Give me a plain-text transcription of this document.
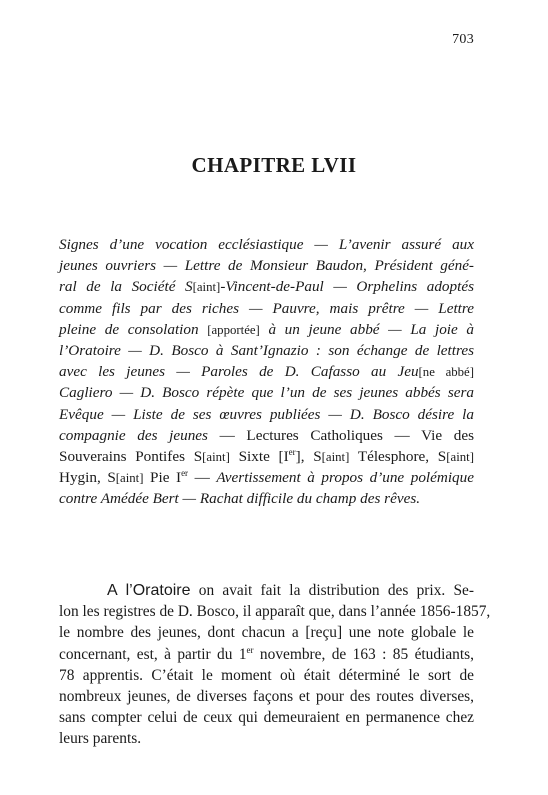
703
CHAPITRE LVII
Signes d’une vocation ecclésiastique — L’avenir assuré aux
jeunes ouvriers — Lettre de Monsieur Baudon, Président géné-
ral de la Société S[aint]-Vincent-de-Paul — Orphelins adoptés
comme fils par des riches — Pauvre, mais prêtre — Lettre
pleine de consolation [apportée] à un jeune abbé — La joie à
l’Oratoire — D. Bosco à Sant’Ignazio : son échange de lettres
avec les jeunes — Paroles de D. Cafasso au Jeu[ne abbé]
Cagliero — D. Bosco répète que l’un de ses jeunes abbés sera
Evêque — Liste de ses œuvres publiées — D. Bosco désire la
compagnie des jeunes — Lectures Catholiques — Vie des
Souverains Pontifes S[aint] Sixte [Ier], S[aint] Télesphore, S[aint]
Hygin, S[aint] Pie Ier — Avertissement à propos d’une polémique
contre Amédée Bert — Rachat difficile du champ des rêves.
A l’Oratoire on avait fait la distribution des prix. Se-
lon les registres de D. Bosco, il apparaît que, dans l’année 1856-1857,
le nombre des jeunes, dont chacun a [reçu] une note globale le
concernant, est, à partir du 1er novembre, de 163 : 85 étudiants,
78 apprentis. C’était le moment où était déterminé le sort de
nombreux jeunes, de diverses façons et pour des routes diverses,
sans compter celui de ceux qui demeuraient en permanence chez
leurs parents.
